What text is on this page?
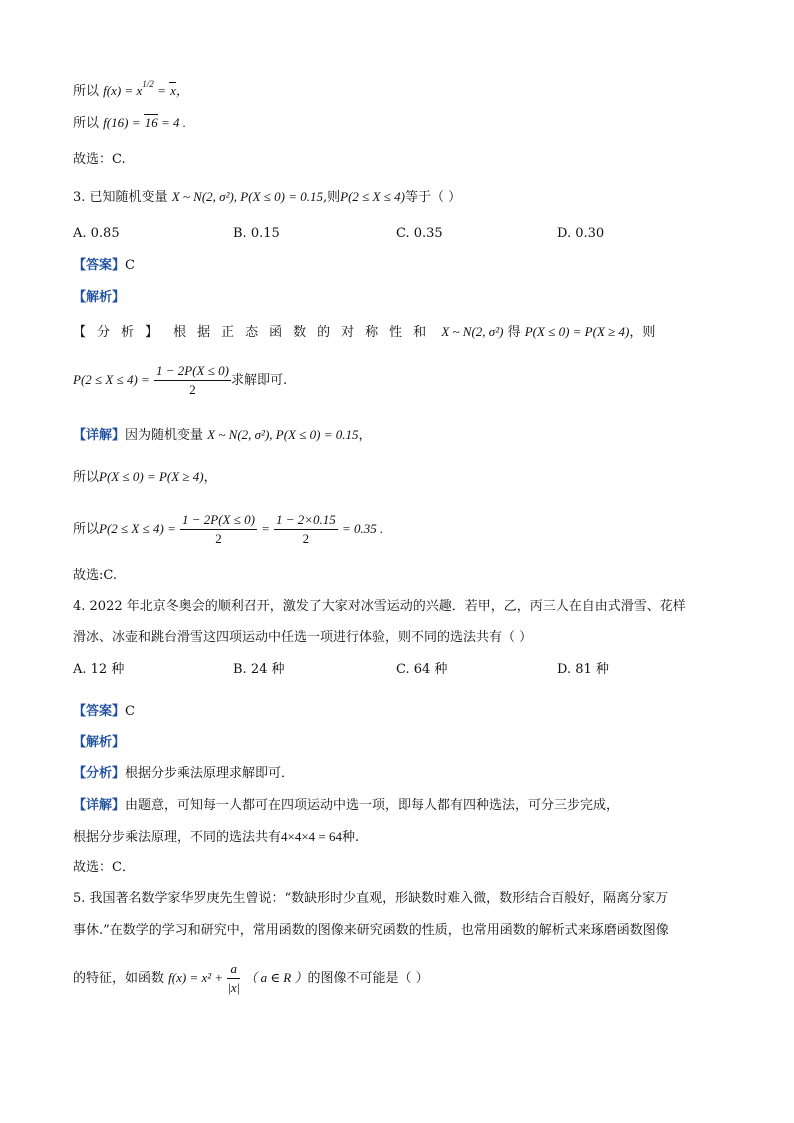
所以 $f(x) = x^{1/2} = x$，
所以 f(16) = 16 = 4 .
故选：C.
3. 已知随机变量 X ~ N(2, σ²), P(X ≤ 0) = 0.15,则P(2 ≤ X ≤ 4)等于（ ）
A. 0.85	B. 0.15	C. 0.35	D. 0.30
【答案】C
【解析】
【分析】 根据正态函数的对称性和 X ~ N(2, σ²) 得 P(X ≤ 0) = P(X ≥ 4)，则
$P(2 \le X \le 4) = \frac{1 - 2P(X \le 0)}{2}$ 求解即可.
【详解】因为随机变量 X ~ N(2, σ²), P(X ≤ 0) = 0.15，
所以P(X ≤ 0) = P(X ≥ 4)，
所以$P(2 \le X \le 4) = \frac{1 - 2P(X \le 0)}{2} = \frac{1 - 2\times 0.15}{2} = 0.35$ .
故选:C.
4. 2022 年北京冬奥会的顺利召开，激发了大家对冰雪运动的兴趣．若甲，乙，丙三人在自由式滑雪、花样
滑冰、冰壶和跳台滑雪这四项运动中任选一项进行体验，则不同的选法共有（ ）
A. 12 种	B. 24 种	C. 64 种	D. 81 种
【答案】C
【解析】
【分析】根据分步乘法原理求解即可．
【详解】由题意，可知每一人都可在四项运动中选一项，即每人都有四种选法，可分三步完成，
根据分步乘法原理，不同的选法共有4×4×4 = 64种.
故选：C．
5. 我国著名数学家华罗庚先生曾说：“数缺形时少直观，形缺数时难入微，数形结合百般好，隔离分家万
事休.”在数学的学习和研究中，常用函数的图像来研究函数的性质，也常用函数的解析式来琢磨函数图像
的特征，如函数 $f(x) = x^2 + \frac{a}{|x|}$ （ a ∈ R ）的图像不可能是（ ）
